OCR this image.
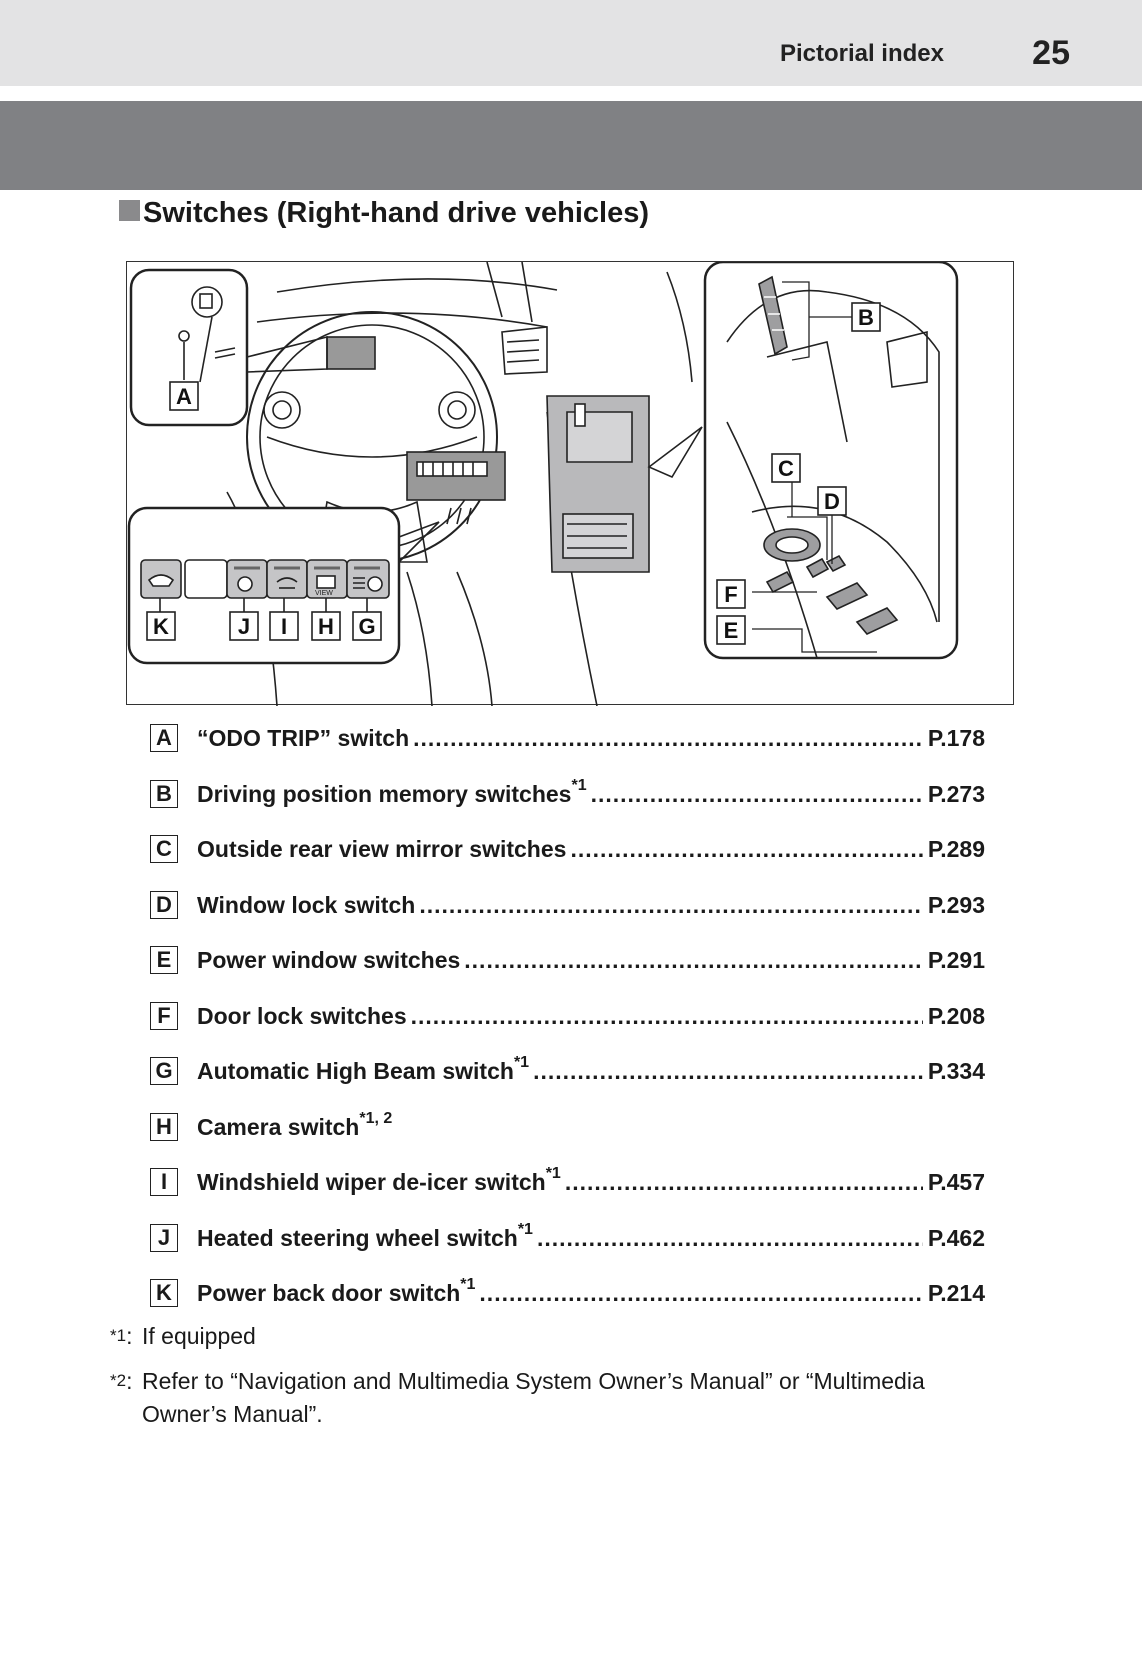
Pictorial index	25
Switches (Right-hand drive vehicles)
VIEW
A
B
C
D
F
E
K	J I H G
A “ODO TRIP” switch .....	P.178
B Driving position memory switches$^{*1}$ .....	P.273
C Outside rear view mirror switches .....	P.289
D Window lock switch .....	P.293
E Power window switches .....	P.291
F	Door lock switches .....	P.208
G Automatic High Beam switch$^{*1}$ .....	P.334
H Camera switch$^{*1, 2}$
I	Windshield wiper de-icer switch$^{*1}$ .....	P.457
J	Heated steering wheel switch$^{*1}$ .....	P.462
K Power back door switch$^{*1}$ .....	P.214
*1: If equipped
*2: Refer to “Navigation and Multimedia System Owner’s Manual” or “Multimedia Owner’s Manual”.
